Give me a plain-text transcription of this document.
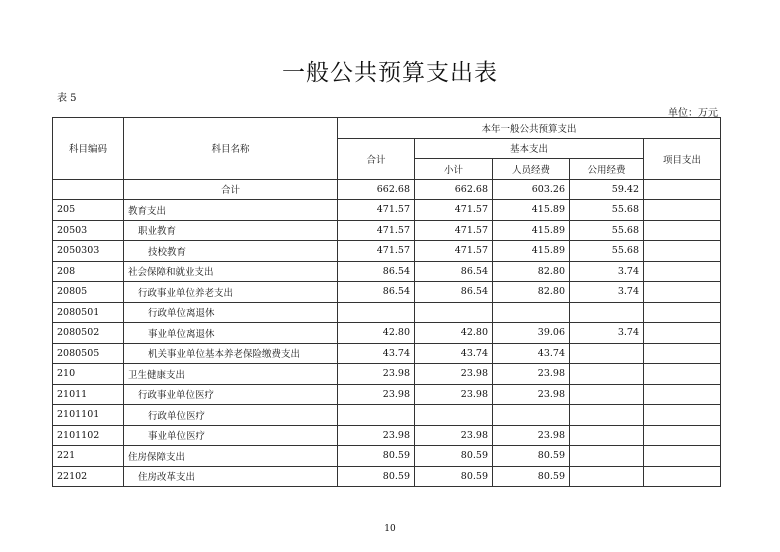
一般公共预算支出表
表 5
单位：万元
科目编码	科目名称	本年一般公共预算支出				
		合计	基本支出			项目支出
			小计	人员经费	公用经费	
	合计	662.68	662.68	603.26	59.42	
205	教育支出	471.57	471.57	415.89	55.68	
20503	职业教育	471.57	471.57	415.89	55.68	
2050303	技校教育	471.57	471.57	415.89	55.68	
208	社会保障和就业支出	86.54	86.54	82.80	3.74	
20805	行政事业单位养老支出	86.54	86.54	82.80	3.74	
2080501	行政单位离退休					
2080502	事业单位离退休	42.80	42.80	39.06	3.74	
2080505	机关事业单位基本养老保险缴费支出	43.74	43.74	43.74		
210	卫生健康支出	23.98	23.98	23.98		
21011	行政事业单位医疗	23.98	23.98	23.98		
2101101	行政单位医疗					
2101102	事业单位医疗	23.98	23.98	23.98		
221	住房保障支出	80.59	80.59	80.59		
22102	住房改革支出	80.59	80.59	80.59		
10
